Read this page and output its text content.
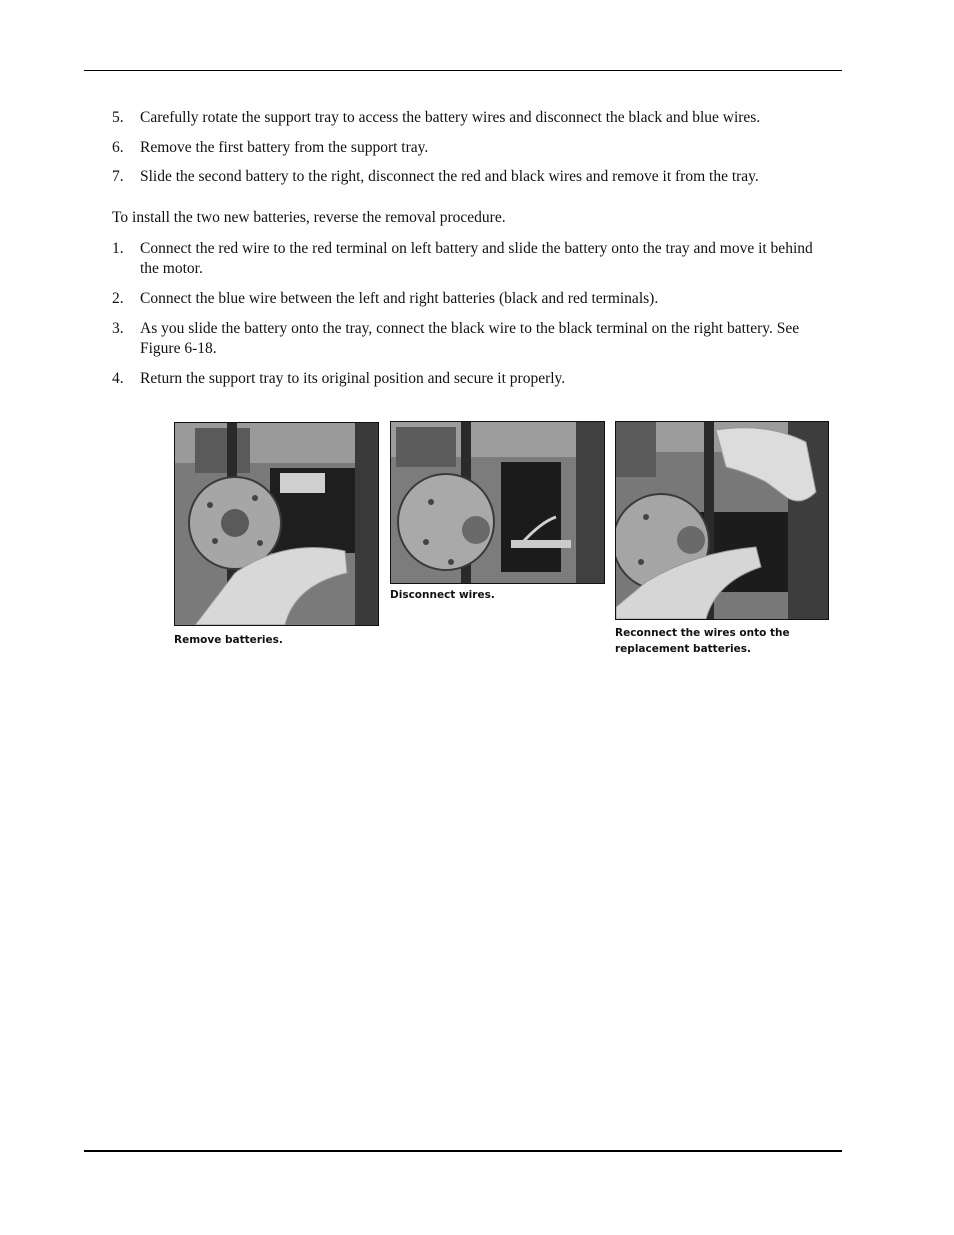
5.	Carefully rotate the support tray to access the battery wires and disconnect the black and blue wires.
6.	Remove the first battery from the support tray.
7.	Slide the second battery to the right, disconnect the red and black wires and remove it from the tray.
To install the two new batteries, reverse the removal procedure.
1.	Connect the red wire to the red terminal on left battery and slide the battery onto the tray and move it behind the motor.
2.	Connect the blue wire between the left and right batteries (black and red terminals).
3.	As you slide the battery onto the tray, connect the black wire to the black terminal on the right battery. See Figure 6-18.
4.	Return the support tray to its original position and secure it properly.
Remove batteries.
Disconnect wires.
Reconnect the wires onto the
replacement batteries.
